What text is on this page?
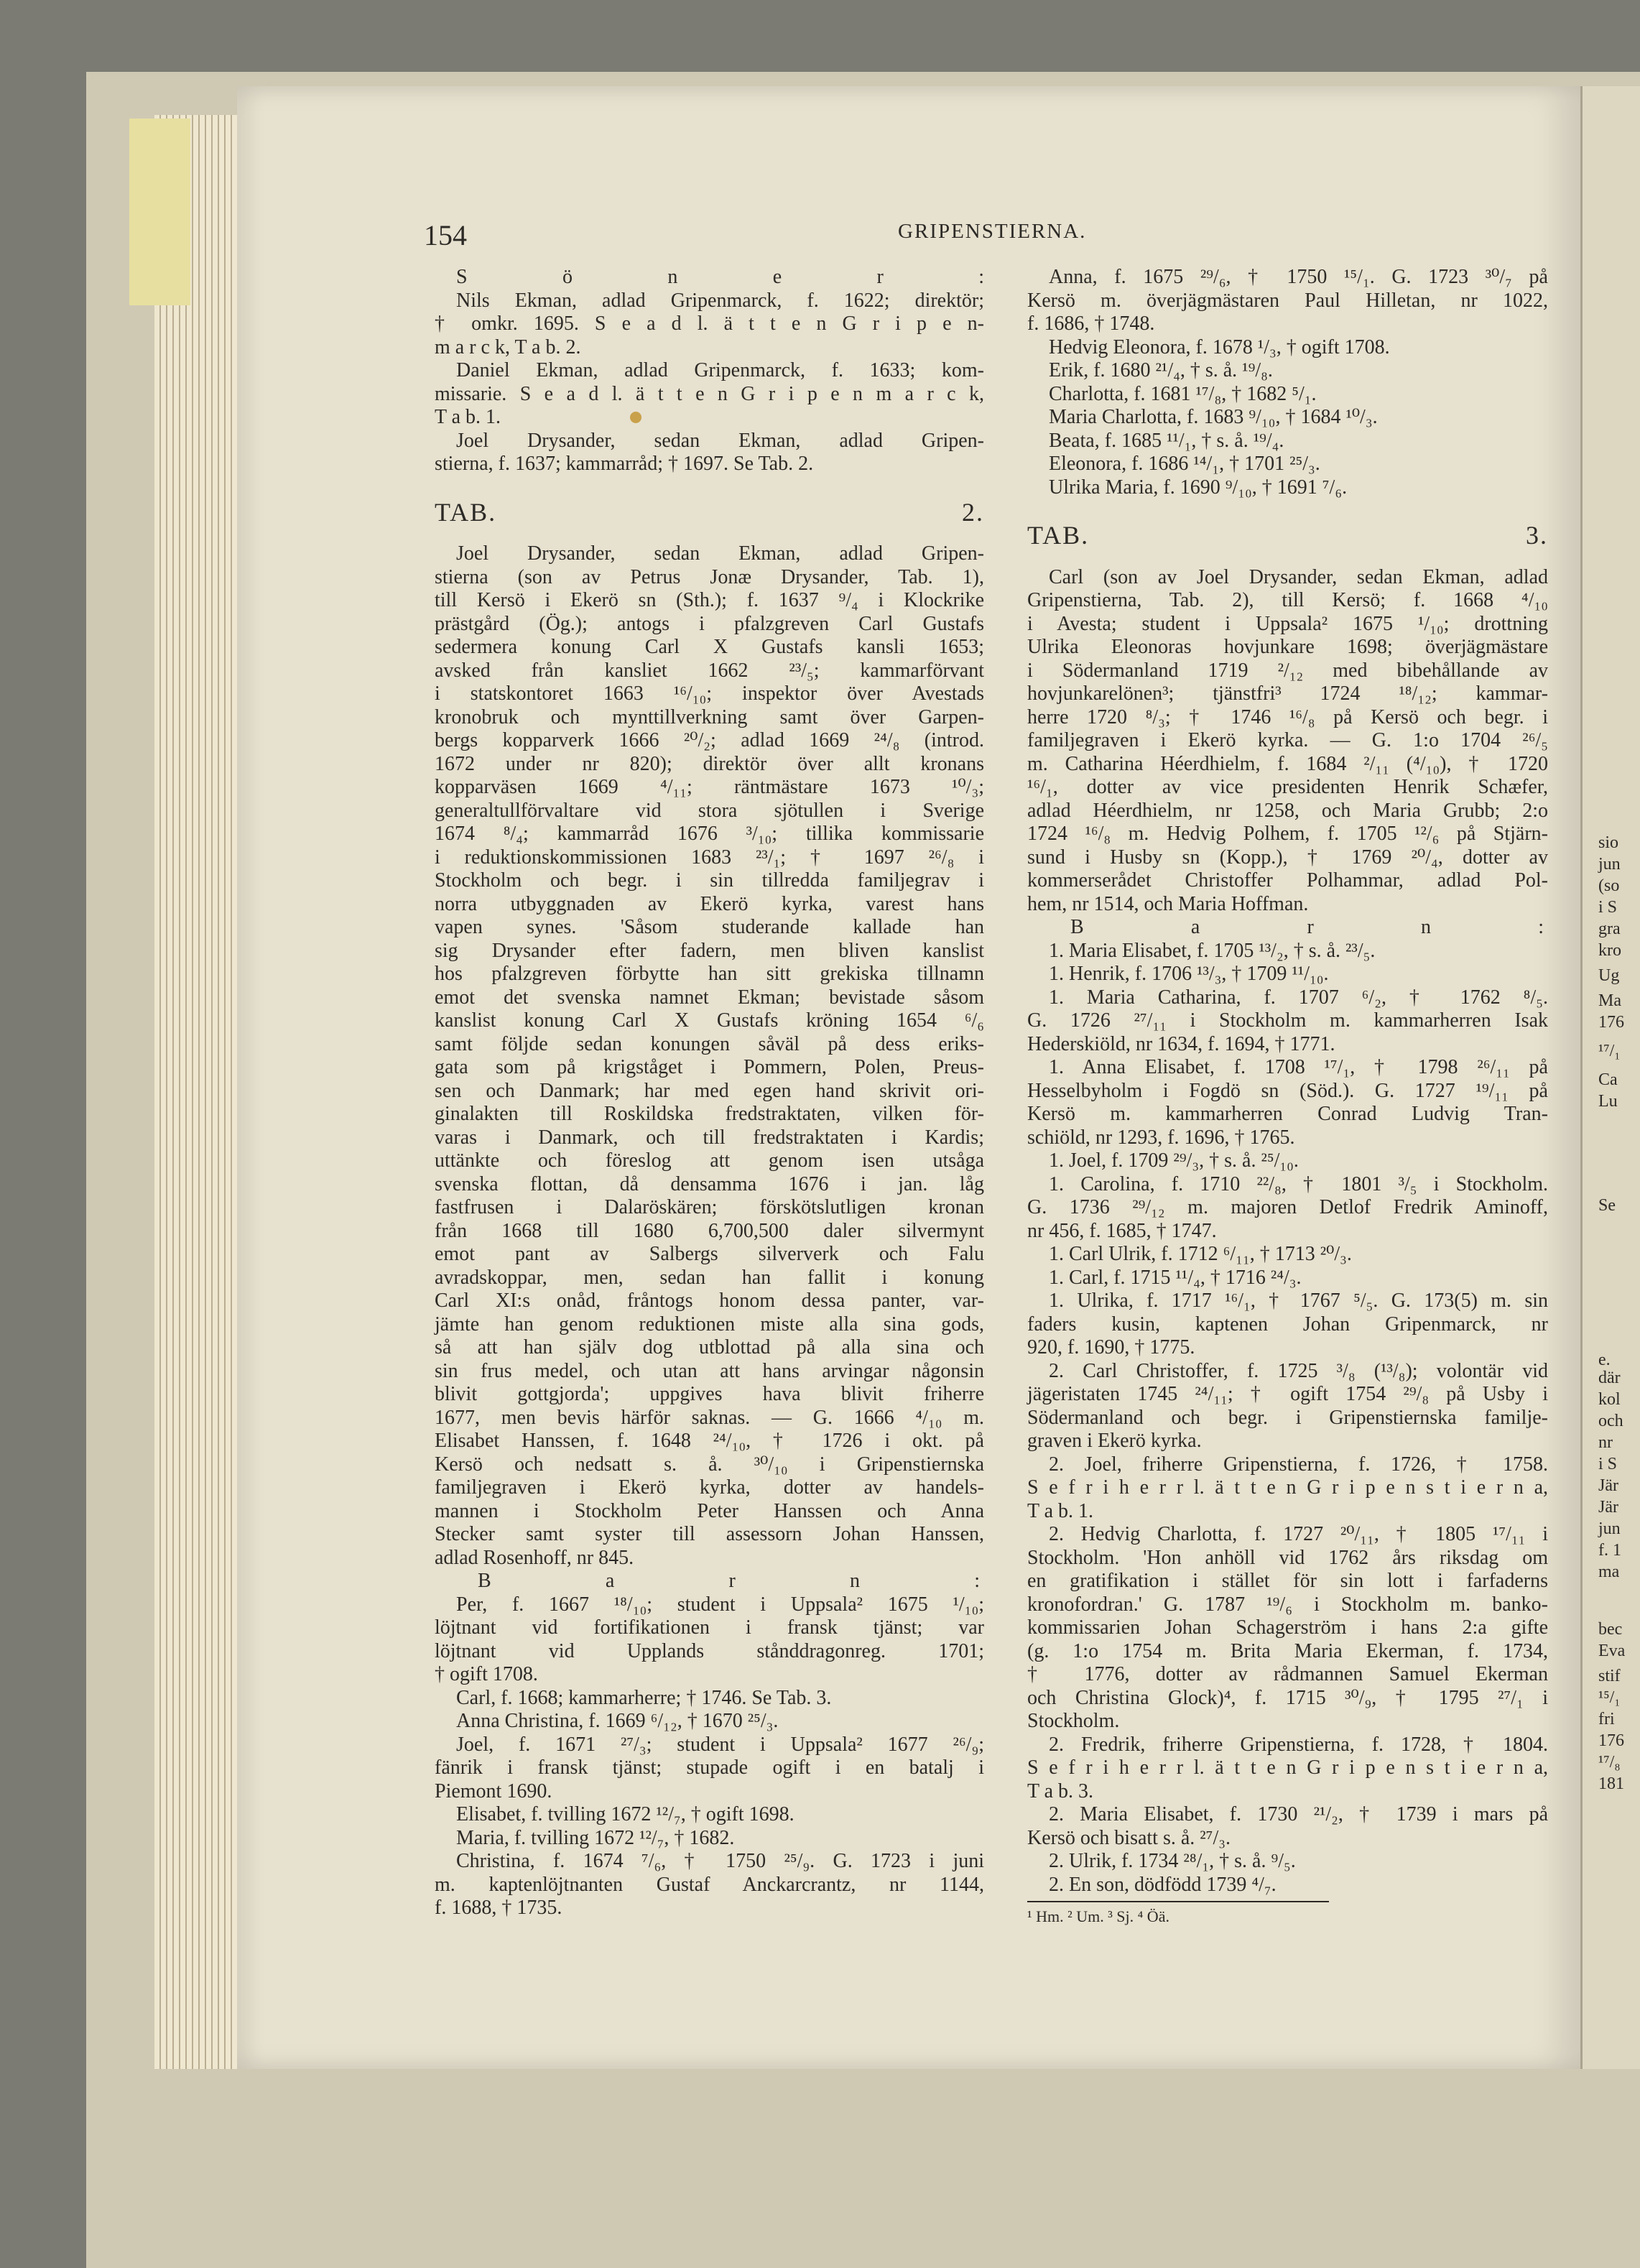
sio
jun
(so
i S
gra
kro
Ug
Ma
176
¹⁷/₁
Ca
Lu
Se
e.
där
kol
och
nr
i S
Jär
Jär
jun
f. 1
ma
bec
Eva
stif
¹⁵/₁
fri
176
¹⁷/₈
181
154	GRIPENSTIERNA.
S ö n e r :
Nils Ekman, adlad Gripenmarck, f. 1622; direktör;
† omkr. 1695. S e a d l. ä t t e n G r i p e n-
m a r c k, T a b. 2.
Daniel Ekman, adlad Gripenmarck, f. 1633; kom-
missarie. S e a d l. ä t t e n G r i p e n m a r c k,
T a b. 1.
Joel Drysander, sedan Ekman, adlad Gripen-
stierna, f. 1637; kammarråd; † 1697. Se Tab. 2.
TAB. 2.
Joel Drysander, sedan Ekman, adlad Gripen-
stierna (son av Petrus Jonæ Drysander, Tab. 1),
till Kersö i Ekerö sn (Sth.); f. 1637 ⁹/₄ i Klockrike
prästgård (Ög.); antogs i pfalzgreven Carl Gustafs
sedermera konung Carl X Gustafs kansli 1653;
avsked från kansliet 1662 ²³/₅; kammarförvant
i statskontoret 1663 ¹⁶/₁₀; inspektor över Avestads
kronobruk och mynttillverkning samt över Garpen-
bergs kopparverk 1666 ²⁰/₂; adlad 1669 ²⁴/₈ (introd.
1672 under nr 820); direktör över allt kronans
kopparväsen 1669 ⁴/₁₁; räntmästare 1673 ¹⁰/₃;
generaltullförvaltare vid stora sjötullen i Sverige
1674 ⁸/₄; kammarråd 1676 ³/₁₀; tillika kommissarie
i reduktionskommissionen 1683 ²³/₁; † 1697 ²⁶/₈ i
Stockholm och begr. i sin tillredda familjegrav i
norra utbyggnaden av Ekerö kyrka, varest hans
vapen synes. 'Såsom studerande kallade han
sig Drysander efter fadern, men bliven kanslist
hos pfalzgreven förbytte han sitt grekiska tillnamn
emot det svenska namnet Ekman; bevistade såsom
kanslist konung Carl X Gustafs kröning 1654 ⁶/₆
samt följde sedan konungen såväl på dess eriks-
gata som på krigståget i Pommern, Polen, Preus-
sen och Danmark; har med egen hand skrivit ori-
ginalakten till Roskildska fredstraktaten, vilken för-
varas i Danmark, och till fredstraktaten i Kardis;
uttänkte och föreslog att genom isen utsåga
svenska flottan, då densamma 1676 i jan. låg
fastfrusen i Dalaröskären; förskötslutligen kronan
från 1668 till 1680 6,700,500 daler silvermynt
emot pant av Salbergs silververk och Falu
avradskoppar, men, sedan han fallit i konung
Carl XI:s onåd, fråntogs honom dessa panter, var-
jämte han genom reduktionen miste alla sina gods,
så att han själv dog utblottad på alla sina och
sin frus medel, och utan att hans arvingar någonsin
blivit gottgjorda'; uppgives hava blivit friherre
1677, men bevis härför saknas. — G. 1666 ⁴/₁₀ m.
Elisabet Hanssen, f. 1648 ²⁴/₁₀, † 1726 i okt. på
Kersö och nedsatt s. å. ³⁰/₁₀ i Gripenstiernska
familjegraven i Ekerö kyrka, dotter av handels-
mannen i Stockholm Peter Hanssen och Anna
Stecker samt syster till assessorn Johan Hanssen,
adlad Rosenhoff, nr 845.
B a r n :
Per, f. 1667 ¹⁸/₁₀; student i Uppsala² 1675 ¹/₁₀;
löjtnant vid fortifikationen i fransk tjänst; var
löjtnant vid Upplands stånddragonreg. 1701;
† ogift 1708.
Carl, f. 1668; kammarherre; † 1746. Se Tab. 3.
Anna Christina, f. 1669 ⁶/₁₂, † 1670 ²⁵/₃.
Joel, f. 1671 ²⁷/₃; student i Uppsala² 1677 ²⁶/₉;
fänrik i fransk tjänst; stupade ogift i en batalj i
Piemont 1690.
Elisabet, f. tvilling 1672 ¹²/₇, † ogift 1698.
Maria, f. tvilling 1672 ¹²/₇, † 1682.
Christina, f. 1674 ⁷/₆, † 1750 ²⁵/₉. G. 1723 i juni
m. kaptenlöjtnanten Gustaf Anckarcrantz, nr 1144,
f. 1688, † 1735.
Anna, f. 1675 ²⁹/₆, † 1750 ¹⁵/₁. G. 1723 ³⁰/₇ på
Kersö m. överjägmästaren Paul Hilletan, nr 1022,
f. 1686, † 1748.
Hedvig Eleonora, f. 1678 ¹/₃, † ogift 1708.
Erik, f. 1680 ²¹/₄, † s. å. ¹⁹/₈.
Charlotta, f. 1681 ¹⁷/₈, † 1682 ⁵/₁.
Maria Charlotta, f. 1683 ⁹/₁₀, † 1684 ¹⁰/₃.
Beata, f. 1685 ¹¹/₁, † s. å. ¹⁹/₄.
Eleonora, f. 1686 ¹⁴/₁, † 1701 ²⁵/₃.
Ulrika Maria, f. 1690 ⁹/₁₀, † 1691 ⁷/₆.
TAB. 3.
Carl (son av Joel Drysander, sedan Ekman, adlad
Gripenstierna, Tab. 2), till Kersö; f. 1668 ⁴/₁₀
i Avesta; student i Uppsala² 1675 ¹/₁₀; drottning
Ulrika Eleonoras hovjunkare 1698; överjägmästare
i Södermanland 1719 ²/₁₂ med bibehållande av
hovjunkarelönen³; tjänstfri³ 1724 ¹⁸/₁₂; kammar-
herre 1720 ⁸/₃; † 1746 ¹⁶/₈ på Kersö och begr. i
familjegraven i Ekerö kyrka. — G. 1:o 1704 ²⁶/₅
m. Catharina Héerdhielm, f. 1684 ²/₁₁ (⁴/₁₀), † 1720
¹⁶/₁, dotter av vice presidenten Henrik Schæfer,
adlad Héerdhielm, nr 1258, och Maria Grubb; 2:o
1724 ¹⁶/₈ m. Hedvig Polhem, f. 1705 ¹²/₆ på Stjärn-
sund i Husby sn (Kopp.), † 1769 ²⁰/₄, dotter av
kommerserådet Christoffer Polhammar, adlad Pol-
hem, nr 1514, och Maria Hoffman.
B a r n :
1. Maria Elisabet, f. 1705 ¹³/₂, † s. å. ²³/₅.
1. Henrik, f. 1706 ¹³/₃, † 1709 ¹¹/₁₀.
1. Maria Catharina, f. 1707 ⁶/₂, † 1762 ⁸/₅.
G. 1726 ²⁷/₁₁ i Stockholm m. kammarherren Isak
Hederskiöld, nr 1634, f. 1694, † 1771.
1. Anna Elisabet, f. 1708 ¹⁷/₁, † 1798 ²⁶/₁₁ på
Hesselbyholm i Fogdö sn (Söd.). G. 1727 ¹⁹/₁₁ på
Kersö m. kammarherren Conrad Ludvig Tran-
schiöld, nr 1293, f. 1696, † 1765.
1. Joel, f. 1709 ²⁹/₃, † s. å. ²⁵/₁₀.
1. Carolina, f. 1710 ²²/₈, † 1801 ³/₅ i Stockholm.
G. 1736 ²⁹/₁₂ m. majoren Detlof Fredrik Aminoff,
nr 456, f. 1685, † 1747.
1. Carl Ulrik, f. 1712 ⁶/₁₁, † 1713 ²⁰/₃.
1. Carl, f. 1715 ¹¹/₄, † 1716 ²⁴/₃.
1. Ulrika, f. 1717 ¹⁶/₁, † 1767 ⁵/₅. G. 173(5) m. sin
faders kusin, kaptenen Johan Gripenmarck, nr
920, f. 1690, † 1775.
2. Carl Christoffer, f. 1725 ³/₈ (¹³/₈); volontär vid
jägeristaten 1745 ²⁴/₁₁; † ogift 1754 ²⁹/₈ på Usby i
Södermanland och begr. i Gripenstiernska familje-
graven i Ekerö kyrka.
2. Joel, friherre Gripenstierna, f. 1726, † 1758.
S e f r i h e r r l. ä t t e n G r i p e n s t i e r n a,
T a b. 1.
2. Hedvig Charlotta, f. 1727 ²⁰/₁₁, † 1805 ¹⁷/₁₁ i
Stockholm. 'Hon anhöll vid 1762 års riksdag om
en gratifikation i stället för sin lott i farfaderns
kronofordran.' G. 1787 ¹⁹/₆ i Stockholm m. banko-
kommissarien Johan Schagerström i hans 2:a gifte
(g. 1:o 1754 m. Brita Maria Ekerman, f. 1734,
† 1776, dotter av rådmannen Samuel Ekerman
och Christina Glock)⁴, f. 1715 ³⁰/₉, † 1795 ²⁷/₁ i
Stockholm.
2. Fredrik, friherre Gripenstierna, f. 1728, † 1804.
S e f r i h e r r l. ä t t e n G r i p e n s t i e r n a,
T a b. 3.
2. Maria Elisabet, f. 1730 ²¹/₂, † 1739 i mars på
Kersö och bisatt s. å. ²⁷/₃.
2. Ulrik, f. 1734 ²⁸/₁, † s. å. ⁹/₅.
2. En son, dödfödd 1739 ⁴/₇.
¹ Hm. ² Um. ³ Sj. ⁴ Öä.
